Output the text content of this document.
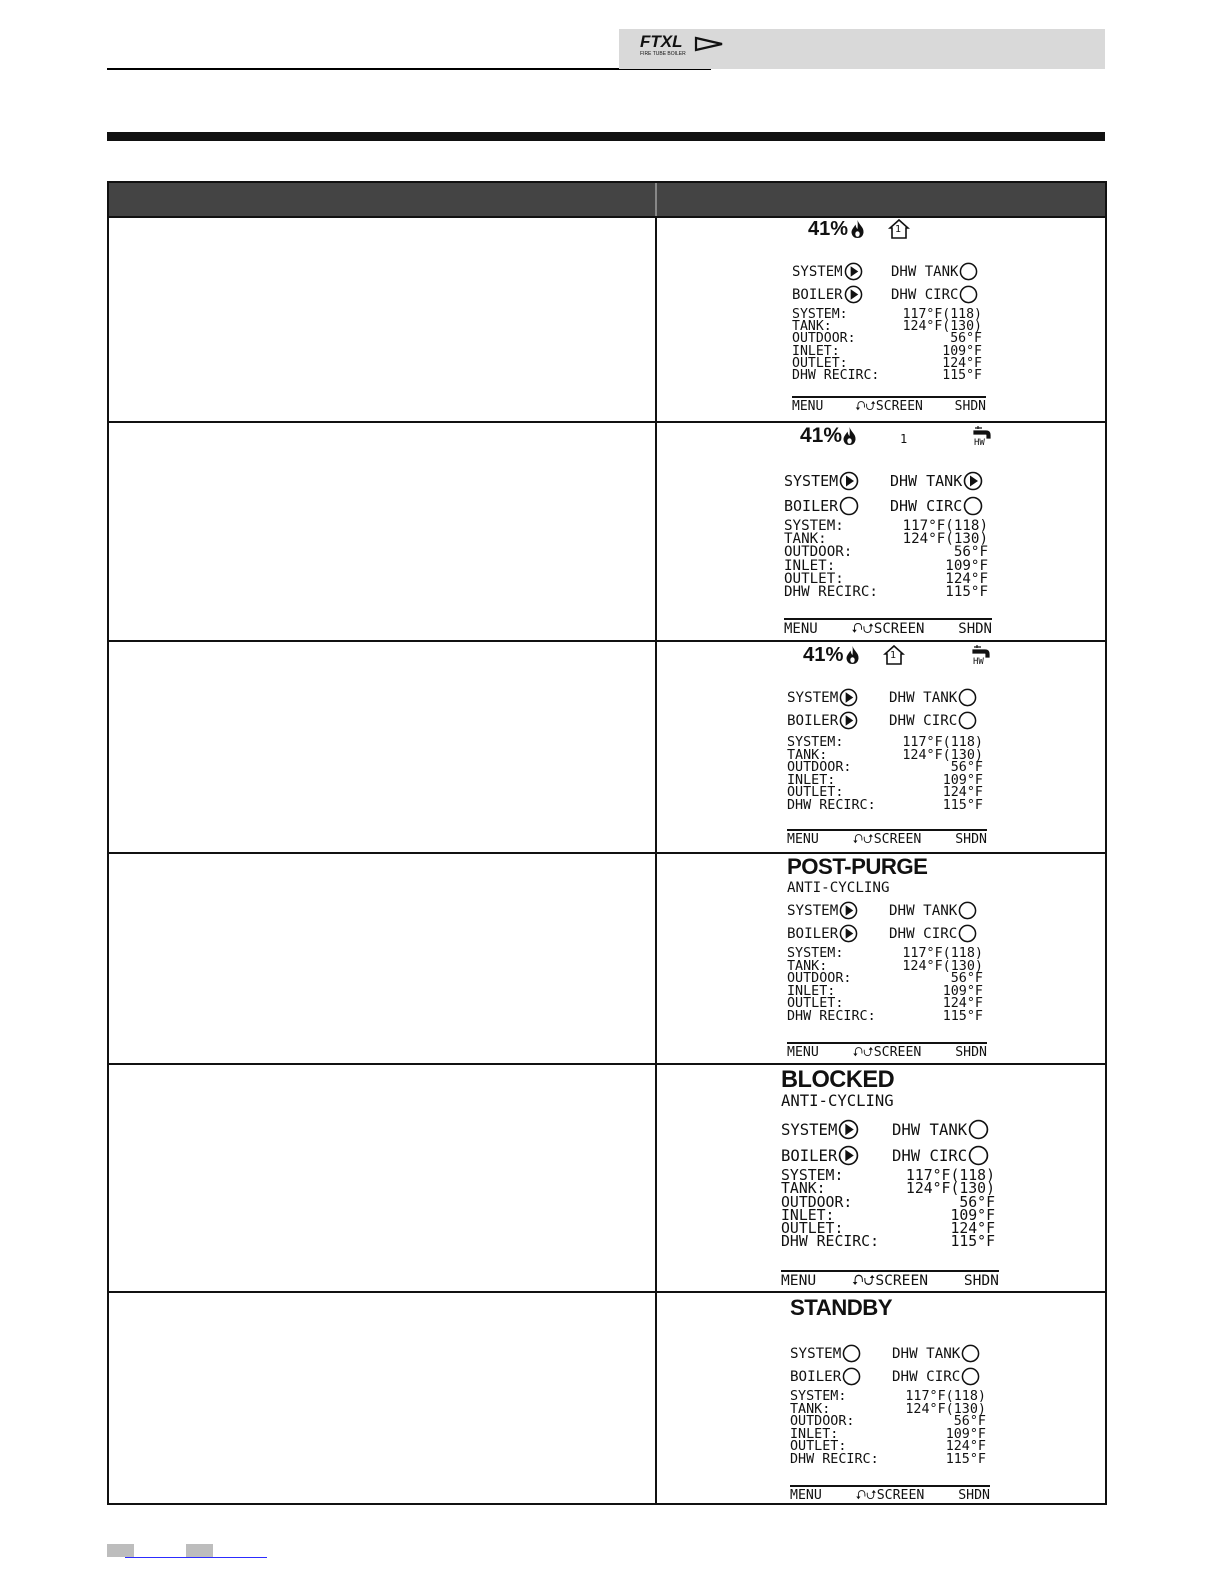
FTXL
FIRE TUBE BOILER
41%	1
SYSTEM	DHW TANK
BOILER	DHW CIRC
SYSTEM:	117°F(118)
TANK:	124°F(130)
OUTDOOR:	56°F
INLET:	109°F
OUTLET:	124°F
DHW RECIRC:	115°F
MENU ⮏⮍SCREEN SHDN
41%	1	HW
SYSTEM	DHW TANK
BOILER	DHW CIRC
SYSTEM:	117°F(118)
TANK:	124°F(130)
OUTDOOR:	56°F
INLET:	109°F
OUTLET:	124°F
DHW RECIRC:	115°F
MENU ⮏⮍SCREEN SHDN
41%	1
HW
SYSTEM	DHW TANK
BOILER	DHW CIRC
SYSTEM:	117°F(118)
TANK:	124°F(130)
OUTDOOR:	56°F
INLET:	109°F
OUTLET:	124°F
DHW RECIRC:	115°F
MENU	⮏⮍SCREEN	SHDN
POST-PURGE
ANTI-CYCLING
SYSTEM	DHW TANK
BOILER	DHW CIRC
SYSTEM:	117°F(118)
TANK:	124°F(130)
OUTDOOR:	56°F
INLET:	109°F
OUTLET:	124°F
DHW RECIRC:	115°F
MENU	⮏⮍SCREEN	SHDN
BLOCKED
ANTI-CYCLING
SYSTEM	DHW TANK
BOILER	DHW CIRC
SYSTEM:	117°F(118)
TANK:	124°F(130)
OUTDOOR:	56°F
INLET:	109°F
OUTLET:	124°F
DHW RECIRC:	115°F
MENU ⮏⮍SCREEN SHDN
STANDBY
SYSTEM	DHW TANK
BOILER	DHW CIRC
SYSTEM:	117°F(118)
TANK:	124°F(130)
OUTDOOR:	56°F
INLET:	109°F
OUTLET:	124°F
DHW RECIRC:	115°F
MENU	⮏⮍SCREEN	SHDN
